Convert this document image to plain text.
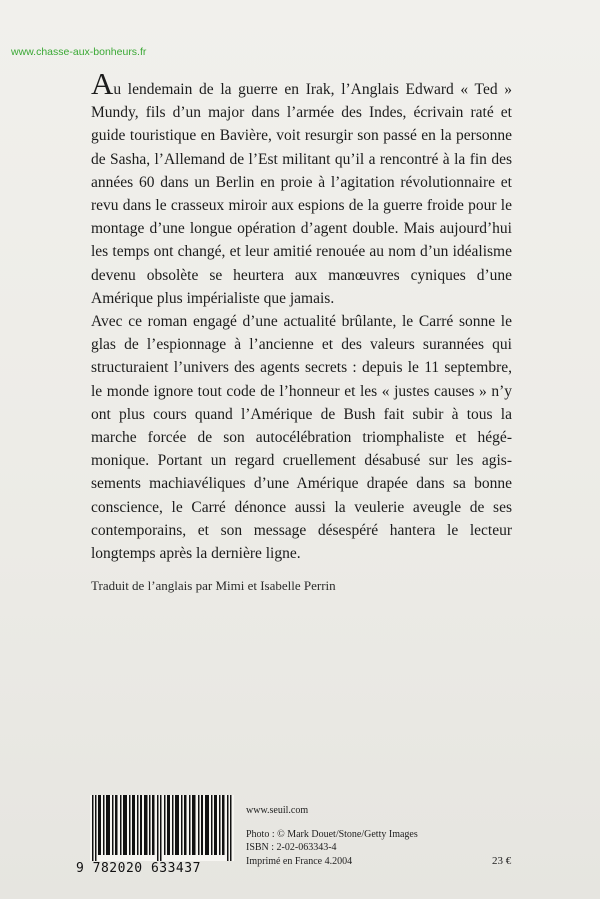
www.chasse-aux-bonheurs.fr

Au lendemain de la guerre en Irak, l’Anglais Edward « Ted » Mundy, fils d’un major dans l’armée des Indes, écrivain raté et guide touristique en Bavière, voit resurgir son passé en la personne de Sasha, l’Allemand de l’Est militant qu’il a rencontré à la fin des années 60 dans un Berlin en proie à l’agitation révolutionnaire et revu dans le crasseux miroir aux espions de la guerre froide pour le montage d’une longue opération d’agent double. Mais aujourd’hui les temps ont changé, et leur amitié renouée au nom d’un idéalisme devenu obsolète se heurtera aux manœuvres cyniques d’une Amérique plus impérialiste que jamais.

Avec ce roman engagé d’une actualité brûlante, le Carré sonne le glas de l’espionnage à l’ancienne et des valeurs surannées qui structuraient l’univers des agents secrets : depuis le 11 septembre, le monde ignore tout code de l’honneur et les « justes causes » n’y ont plus cours quand l’Amérique de Bush fait subir à tous la marche forcée de son autocélébration triomphaliste et hégémonique. Portant un regard cruellement désabusé sur les agissements machiavéliques d’une Amérique drapée dans sa bonne conscience, le Carré dénonce aussi la veulerie aveugle de ses contemporains, et son message désespéré hantera le lecteur longtemps après la dernière ligne.

Traduit de l’anglais par Mimi et Isabelle Perrin
9 782020 633437
www.seuil.com
Photo : © Mark Douet/Stone/Getty Images
ISBN : 2-02-063343-4
Imprimé en France 4.2004	23 €
